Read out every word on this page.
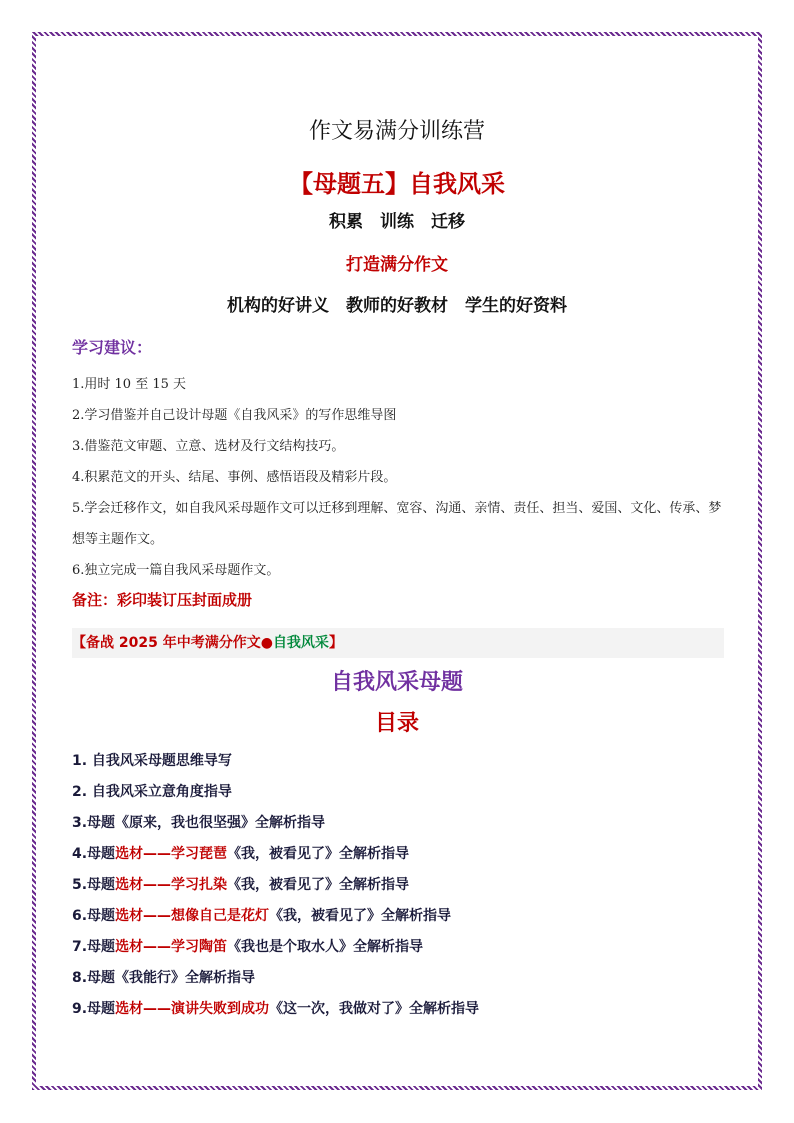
作文易满分训练营
【母题五】自我风采
积累　训练　迁移
打造满分作文
机构的好讲义　教师的好教材　学生的好资料
学习建议：
1.用时 10 至 15 天
2.学习借鉴并自己设计母题《自我风采》的写作思维导图
3.借鉴范文审题、立意、选材及行文结构技巧。
4.积累范文的开头、结尾、事例、感悟语段及精彩片段。
5.学会迁移作文，如自我风采母题作文可以迁移到理解、宽容、沟通、亲情、责任、担当、爱国、文化、传承、梦想等主题作文。
6.独立完成一篇自我风采母题作文。
备注：彩印装订压封面成册
【备战 2025 年中考满分作文●自我风采】
自我风采母题
目录
1. 自我风采母题思维导写
2. 自我风采立意角度指导
3.母题《原来，我也很坚强》全解析指导
4.母题选材——学习琵琶《我，被看见了》全解析指导
5.母题选材——学习扎染《我，被看见了》全解析指导
6.母题选材——想像自己是花灯《我，被看见了》全解析指导
7.母题选材——学习陶笛《我也是个取水人》全解析指导
8.母题《我能行》全解析指导
9.母题选材——演讲失败到成功《这一次，我做对了》全解析指导
